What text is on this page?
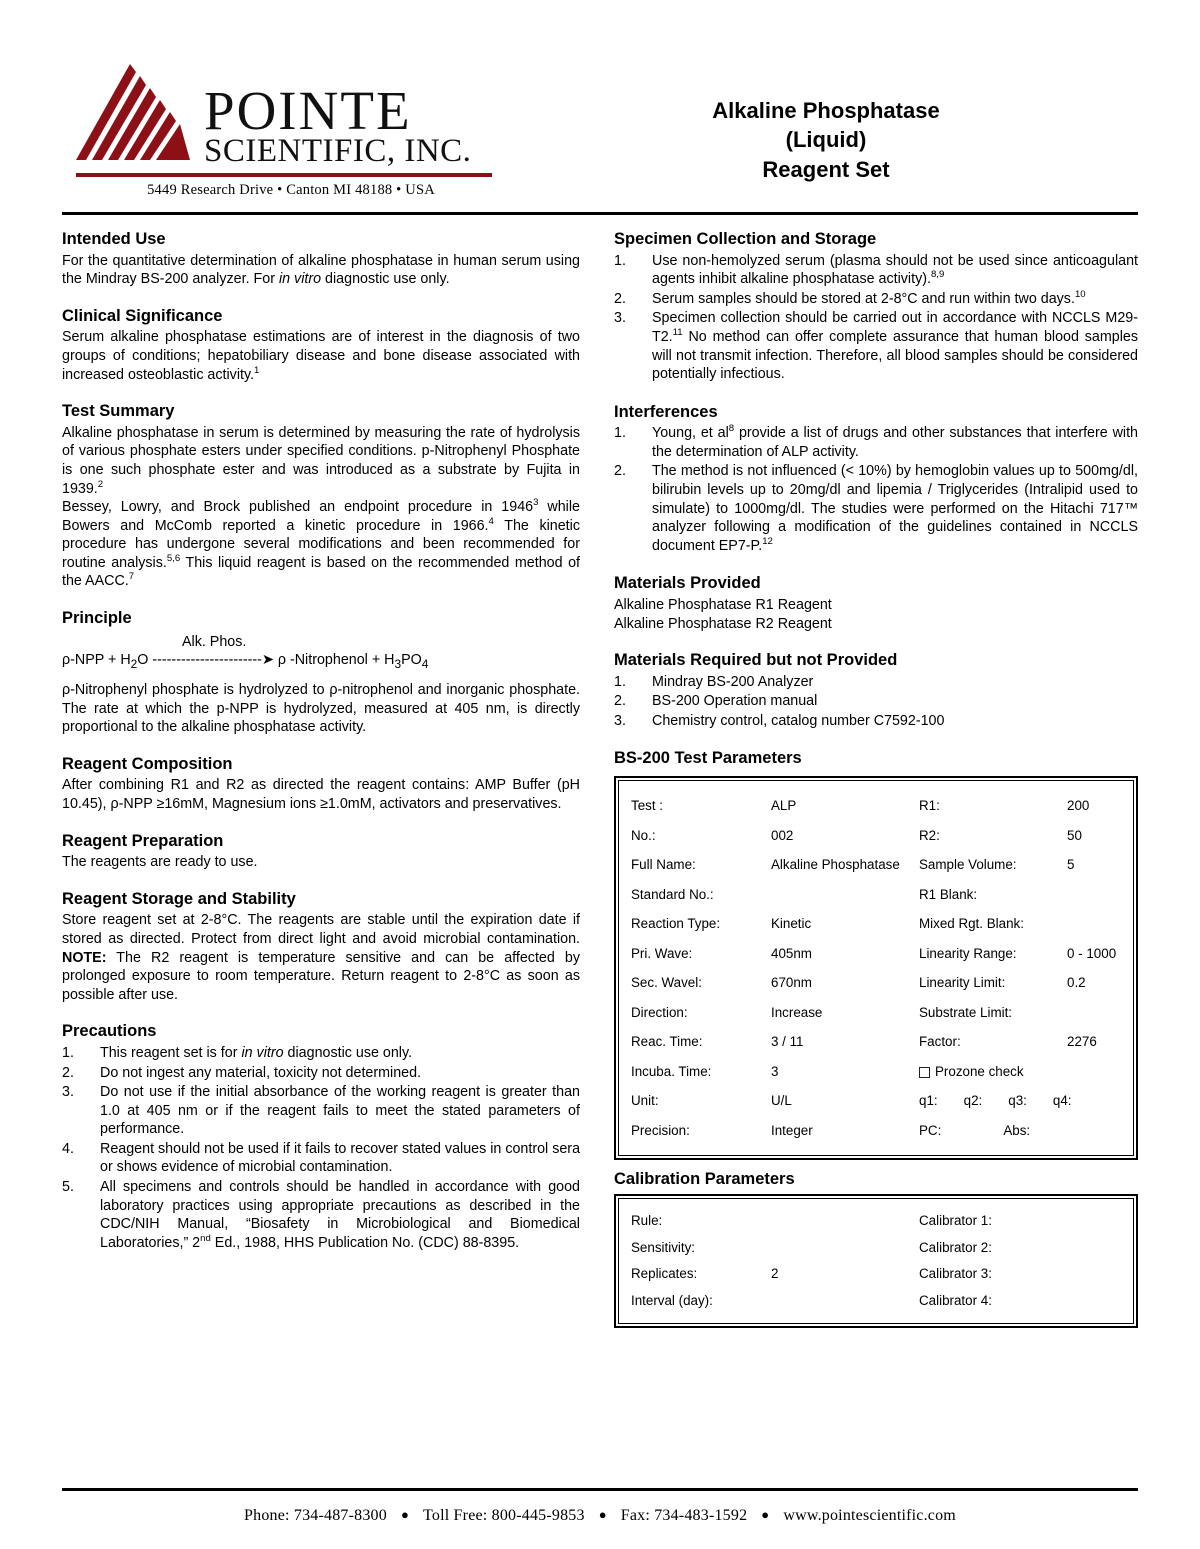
POINTE
SCIENTIFIC, INC.
5449 Research Drive • Canton MI 48188 • USA
Alkaline Phosphatase
(Liquid)
Reagent Set
Intended Use

For the quantitative determination of alkaline phosphatase in human serum using the Mindray BS-200 analyzer. For in vitro diagnostic use only.

Clinical Significance

Serum alkaline phosphatase estimations are of interest in the diagnosis of two groups of conditions; hepatobiliary disease and bone disease associated with increased osteoblastic activity.$^1$

Test Summary

Alkaline phosphatase in serum is determined by measuring the rate of hydrolysis of various phosphate esters under specified conditions. p-Nitrophenyl Phosphate is one such phosphate ester and was introduced as a substrate by Fujita in 1939.$^2$

Bessey, Lowry, and Brock published an endpoint procedure in 1946$^3$ while Bowers and McComb reported a kinetic procedure in 1966.$^4$ The kinetic procedure has undergone several modifications and been recommended for routine analysis.$^{5,6}$ This liquid reagent is based on the recommended method of the AACC.$^7$

Principle
Alk. Phos.
$\rho-NPP + H_2O$ -----------------------➤ ρ -Nitrophenol + $H_3PO_4$

ρ-Nitrophenyl phosphate is hydrolyzed to ρ-nitrophenol and inorganic phosphate. The rate at which the p-NPP is hydrolyzed, measured at 405 nm, is directly proportional to the alkaline phosphatase activity.

Reagent Composition

After combining R1 and R2 as directed the reagent contains: AMP Buffer (pH 10.45), ρ-NPP ≥16mM, Magnesium ions ≥1.0mM, activators and preservatives.

Reagent Preparation

The reagents are ready to use.

Reagent Storage and Stability

Store reagent set at 2-8°C. The reagents are stable until the expiration date if stored as directed. Protect from direct light and avoid microbial contamination. NOTE: The R2 reagent is temperature sensitive and can be affected by prolonged exposure to room temperature. Return reagent to 2-8°C as soon as possible after use.

Precautions
1.	This reagent set is for in vitro diagnostic use only.
2.	Do not ingest any material, toxicity not determined.
3.	Do not use if the initial absorbance of the working reagent is greater than 1.0 at 405 nm or if the reagent fails to meet the stated parameters of performance.
4.	Reagent should not be used if it fails to recover stated values in control sera or shows evidence of microbial contamination.
5.	All specimens and controls should be handled in accordance with good laboratory practices using appropriate precautions as described in the CDC/NIH Manual, “Biosafety in Microbiological and Biomedical Laboratories,” 2nd Ed., 1988, HHS Publication No. (CDC) 88-8395.
Specimen Collection and Storage
1.	Use non-hemolyzed serum (plasma should not be used since anticoagulant agents inhibit alkaline phosphatase activity).$^{8,9}$
2.	Serum samples should be stored at 2-8°C and run within two days.$^{10}$
3.	Specimen collection should be carried out in accordance with NCCLS M29-T2.11 No method can offer complete assurance that human blood samples will not transmit infection. Therefore, all blood samples should be considered potentially infectious.
Interferences
1.	Young, et $al^8$ provide a list of drugs and other substances that interfere with the determination of ALP activity.
2.	The method is not influenced (< 10%) by hemoglobin values up to 500mg/dl, bilirubin levels up to 20mg/dl and lipemia / Triglycerides (Intralipid used to simulate) to 1000mg/dl. The studies were performed on the Hitachi 717™ analyzer following a modification of the guidelines contained in NCCLS document EP7-P.$^{12}$
Materials Provided

Alkaline Phosphatase R1 Reagent

Alkaline Phosphatase R2 Reagent

Materials Required but not Provided
1.	Mindray BS-200 Analyzer
2.	BS-200 Operation manual
3.	Chemistry control, catalog number C7592-100
BS-200 Test Parameters
Test :	ALP	R1:	200
No.:	002	R2:	50
Full Name:	Alkaline Phosphatase	Sample Volume:	5
Standard No.:	R1 Blank:
Reaction Type:	Kinetic	Mixed Rgt. Blank:
Pri. Wave:	405nm	Linearity Range:	0 - 1000
Sec. Wavel:	670nm	Linearity Limit:	0.2
Direction:	Increase	Substrate Limit:
Reac. Time:	3 / 11	Factor:	2276
Incuba. Time:	3	Prozone check
Unit:	U/L	q1: q2: q3: q4:
Precision:	Integer	PC:	Abs:
Calibration Parameters
Rule:	Calibrator 1:
Sensitivity:	Calibrator 2:
Replicates:	2	Calibrator 3:
Interval (day):	Calibrator 4:
Phone: 734-487-8300 ● Toll Free: 800-445-9853 ● Fax: 734-483-1592 ● www.pointescientific.com
